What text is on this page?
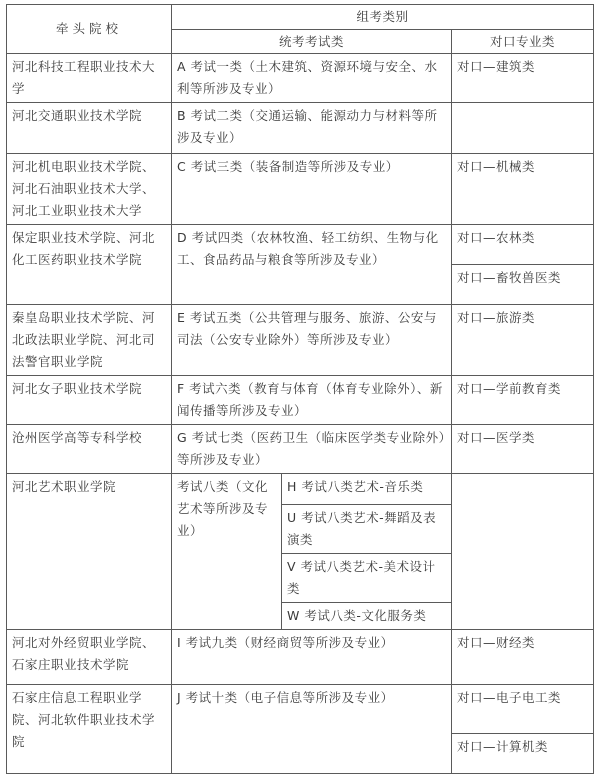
牵头院校	组考类别		
	统考考试类		对口专业类
河北科技工程职业技术大学	A 考试一类（土木建筑、资源环境与安全、水利等所涉及专业）		对口—建筑类
河北交通职业技术学院	B 考试二类（交通运输、能源动力与材料等所涉及专业）		
河北机电职业技术学院、河北石油职业技术大学、河北工业职业技术大学	C 考试三类（装备制造等所涉及专业）		对口—机械类
保定职业技术学院、河北化工医药职业技术学院	D 考试四类（农林牧渔、轻工纺织、生物与化工、食品药品与粮食等所涉及专业）		对口—农林类
			对口—畜牧兽医类
秦皇岛职业技术学院、河北政法职业学院、河北司法警官职业学院	E 考试五类（公共管理与服务、旅游、公安与司法（公安专业除外）等所涉及专业）		对口—旅游类
河北女子职业技术学院	F 考试六类（教育与体育（体育专业除外）、新闻传播等所涉及专业）		对口—学前教育类
沧州医学高等专科学校	G 考试七类（医药卫生（临床医学类专业除外）等所涉及专业）		对口—医学类
河北艺术职业学院	考试八类（文化艺术等所涉及专业）	H 考试八类艺术-音乐类	
		U 考试八类艺术-舞蹈及表演类	
		V 考试八类艺术-美术设计类	
		W 考试八类-文化服务类	
河北对外经贸职业学院、石家庄职业技术学院	I 考试九类（财经商贸等所涉及专业）		对口—财经类
石家庄信息工程职业学院、河北软件职业技术学院	J 考试十类（电子信息等所涉及专业）		对口—电子电工类
			对口—计算机类
